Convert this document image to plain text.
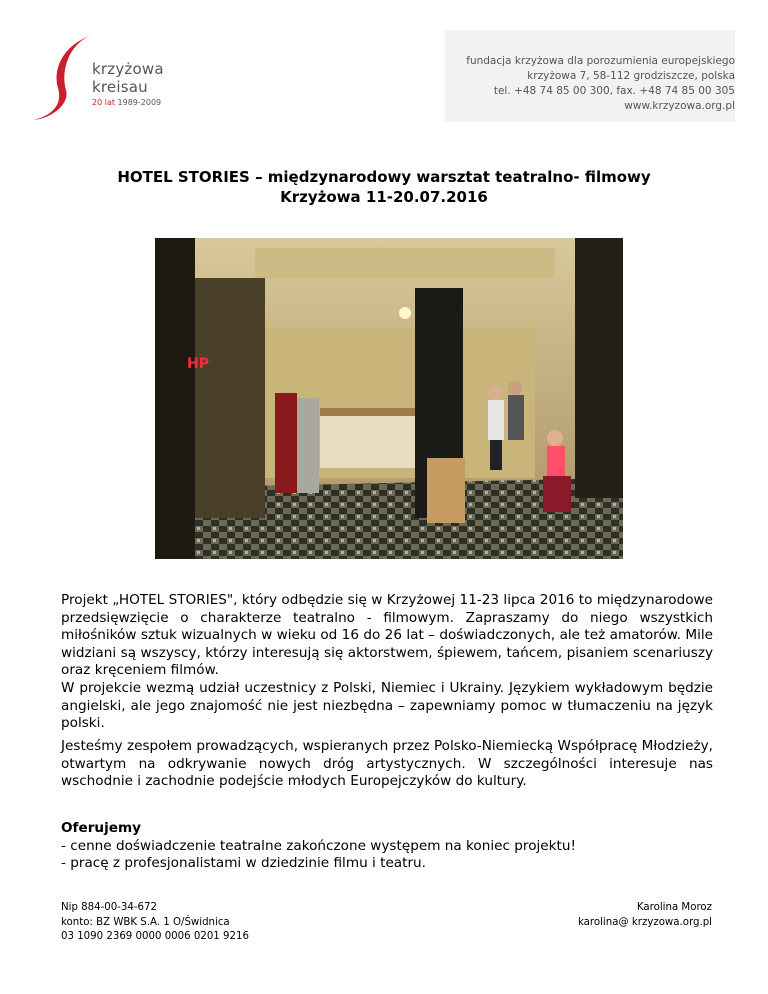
krzyżowa
kreisau
20 lat 1989-2009
fundacja krzyżowa dla porozumienia europejskiego
krzyżowa 7, 58-112 grodziszcze, polska
tel. +48 74 85 00 300, fax. +48 74 85 00 305
www.krzyzowa.org.pl
HOTEL STORIES – międzynarodowy warsztat teatralno- filmowy
Krzyżowa 11-20.07.2016
HP
Projekt „HOTEL STORIES", który odbędzie się w Krzyżowej 11-23 lipca 2016 to międzynarodowe przedsięwzięcie o charakterze teatralno - filmowym. Zapraszamy do niego wszystkich miłośników sztuk wizualnych w wieku od 16 do 26 lat – doświadczonych, ale też amatorów. Mile widziani są wszyscy, którzy interesują się aktorstwem, śpiewem, tańcem, pisaniem scenariuszy oraz kręceniem filmów.
W projekcie wezmą udział uczestnicy z Polski, Niemiec i Ukrainy. Językiem wykładowym będzie angielski, ale jego znajomość nie jest niezbędna – zapewniamy pomoc w tłumaczeniu na język polski.
Jesteśmy zespołem prowadzących, wspieranych przez Polsko-Niemiecką Współpracę Młodzieży, otwartym na odkrywanie nowych dróg artystycznych. W szczególności interesuje nas wschodnie i zachodnie podejście młodych Europejczyków do kultury.
Oferujemy
- cenne doświadczenie teatralne zakończone występem na koniec projektu!
- pracę z profesjonalistami w dziedzinie filmu i teatru.
Nip 884-00-34-672
konto: BZ WBK S.A. 1 O/Świdnica
03 1090 2369 0000 0006 0201 9216
Karolina Moroz
karolina@ krzyzowa.org.pl
